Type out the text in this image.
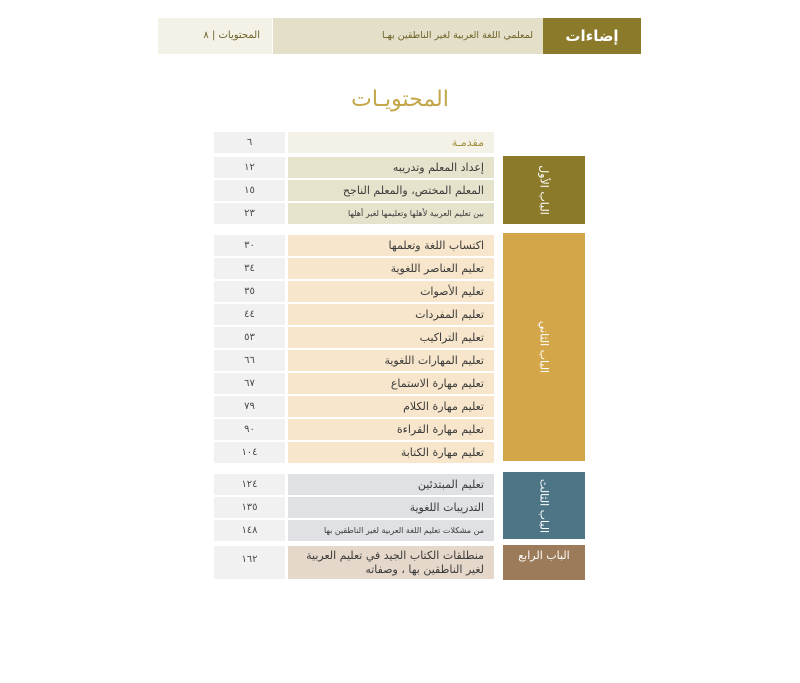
إضاءات
لمعلمي اللغة العربية لغير الناطقين بهـا
المحتويات | ٨
المحتويـات
٦	مقدمـة
الباب الأول
١٢	إعداد المعلم وتدريبه
١٥	المعلم المختص، والمعلم الناجح
٢٣	بين تعليم العربية لأهلها وتعليمها لغير أهلها
الباب الثاني
٣٠	اكتساب اللغة وتعلمها
٣٤	تعليم العناصر اللغوية
٣٥	تعليم الأصوات
٤٤	تعليم المفردات
٥٣	تعليم التراكيب
٦٦	تعليم المهارات اللغوية
٦٧	تعليم مهارة الاستماع
٧٩	تعليم مهارة الكلام
٩٠	تعليم مهارة القراءة
١٠٤	تعليم مهارة الكتابة
الباب الثالث
١٢٤	تعليم المبتدئين
١٣٥	التدريبات اللغوية
١٤٨	من مشكلات تعليم اللغة العربية لغير الناطقين بها
الباب الرابع
١٦٢	منطلقات الكتاب الجيد في تعليم العربية
لغير الناطقين بها ، وصفاته
